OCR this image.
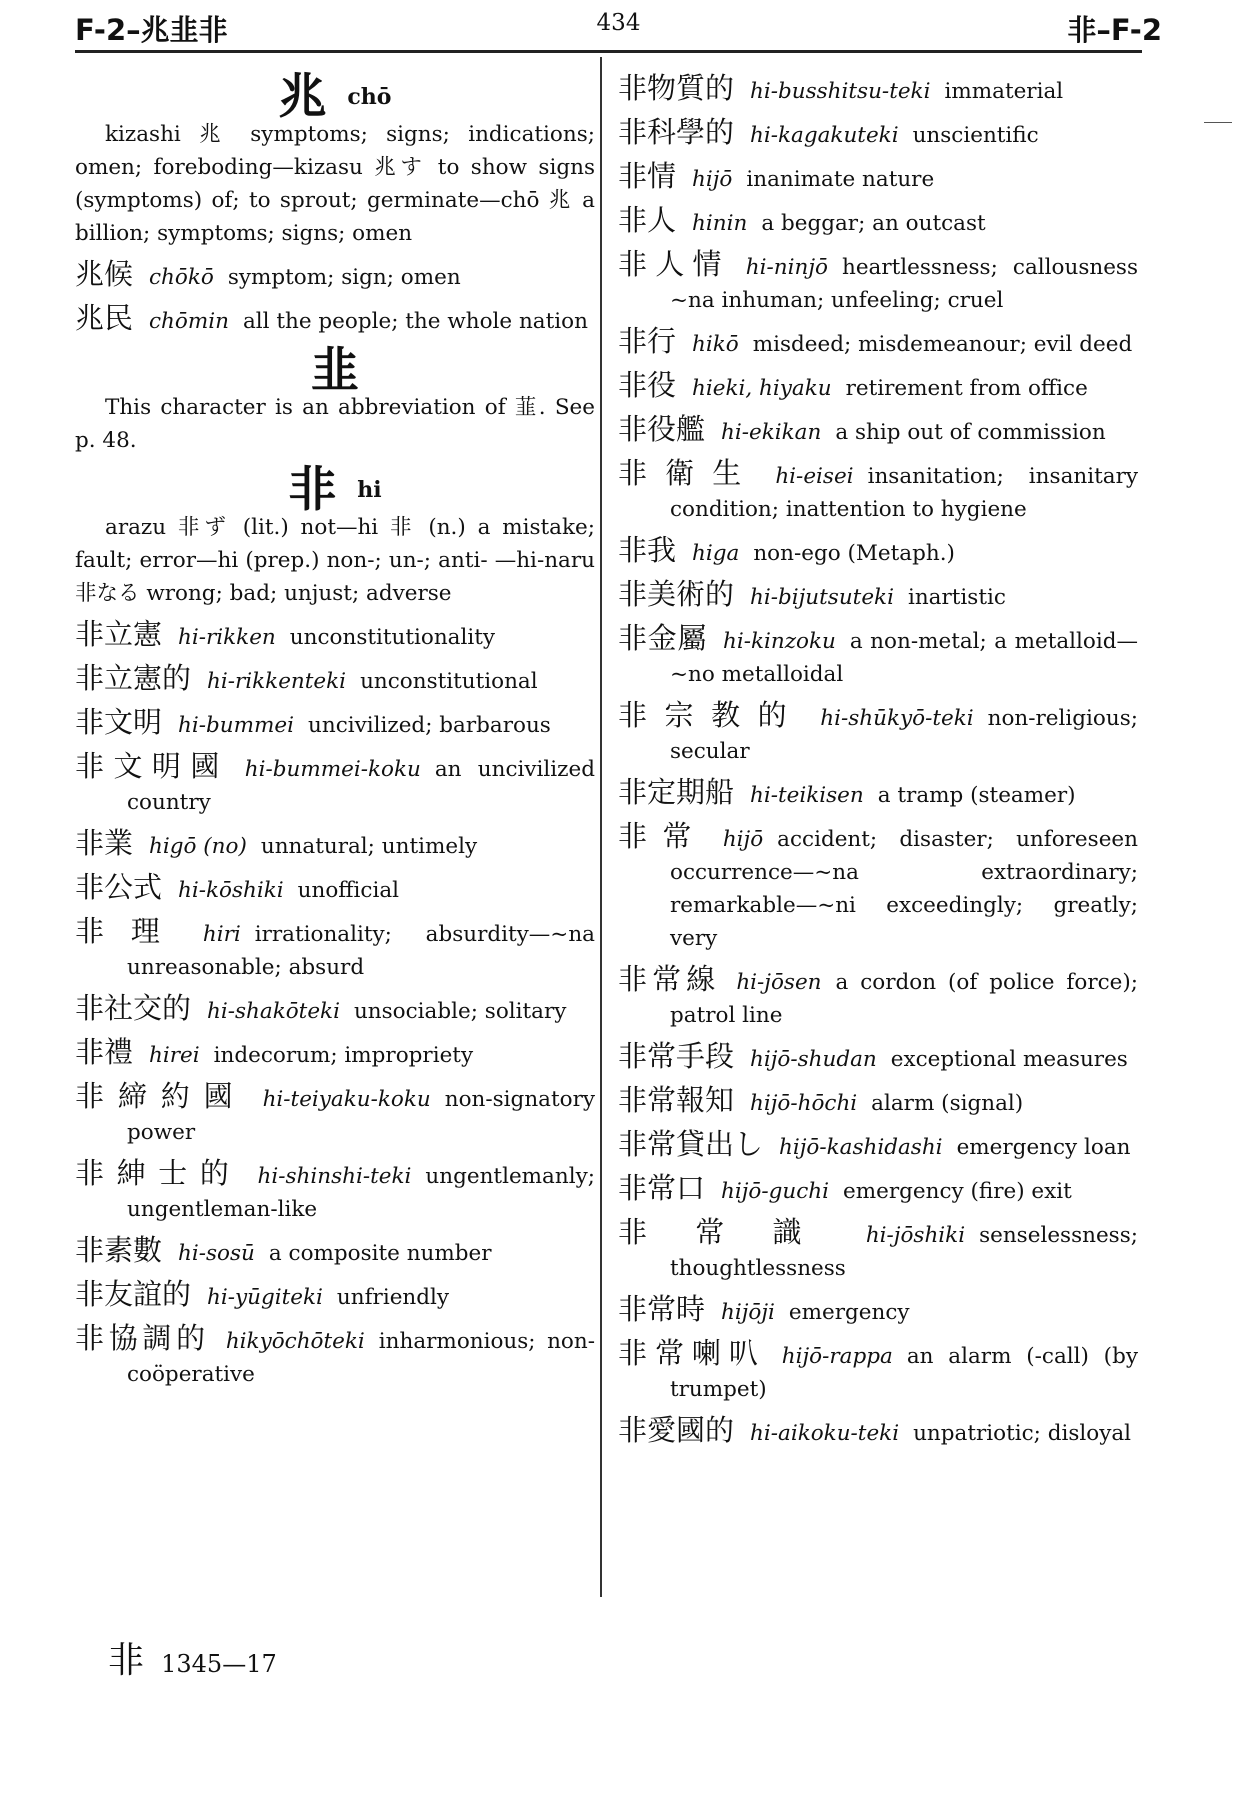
F-2–兆韭非	434	非–F-2
兆 chō

kizashi 兆 symptoms; signs; indications; omen; foreboding—kizasu 兆す to show signs (symptoms) of; to sprout; germinate—chō 兆 a billion; symptoms; signs; omen

兆候 chōkō symptom; sign; omen
兆民 chōmin all the people; the whole nation
韭

This character is an abbreviation of 韮. See p. 48.

非 hi

arazu 非ず (lit.) not—hi 非 (n.) a mistake; fault; error—hi (prep.) non-; un-; anti- —hi-naru 非なる wrong; bad; unjust; adverse

非立憲 hi-rikken unconstitutionality
非立憲的 hi-rikkenteki unconstitutional
非文明 hi-bummei uncivilized; barbarous
非文明國 hi-bummei-koku an uncivilized country
非業 higō (no) unnatural; untimely
非公式 hi-kōshiki unofficial
非理 hiri irrationality; absurdity—~na unreasonable; absurd
非社交的 hi-shakōteki unsociable; solitary
非禮 hirei indecorum; impropriety
非締約國 hi-teiyaku-koku non-signatory power
非紳士的 hi-shinshi-teki ungentlemanly; ungentleman-like
非素數 hi-sosū a composite number
非友誼的 hi-yūgiteki unfriendly
非協調的 hikyōchōteki inharmonious; non-coöperative
非物質的 hi-busshitsu-teki immaterial
非科學的 hi-kagakuteki unscientific
非情 hijō inanimate nature
非人 hinin a beggar; an outcast
非人情 hi-ninjō heartlessness; callousness ~na inhuman; unfeeling; cruel
非行 hikō misdeed; misdemeanour; evil deed
非役 hieki, hiyaku retirement from office
非役艦 hi-ekikan a ship out of commission
非衛生 hi-eisei insanitation; insanitary condition; inattention to hygiene
非我 higa non-ego (Metaph.)
非美術的 hi-bijutsuteki inartistic
非金屬 hi-kinzoku a non-metal; a metalloid—~no metalloidal
非宗教的 hi-shūkyō-teki non-religious; secular
非定期船 hi-teikisen a tramp (steamer)
非常 hijō accident; disaster; unforeseen occurrence—~na extraordinary; remarkable—~ni exceedingly; greatly; very
非常線 hi-jōsen a cordon (of police force); patrol line
非常手段 hijō-shudan exceptional measures
非常報知 hijō-hōchi alarm (signal)
非常貸出し hijō-kashidashi emergency loan
非常口 hijō-guchi emergency (fire) exit
非常識 hi-jōshiki senselessness; thoughtlessness
非常時 hijōji emergency
非常喇叭 hijō-rappa an alarm (-call) (by trumpet)
非愛國的 hi-aikoku-teki unpatriotic; disloyal
非 1345—17
